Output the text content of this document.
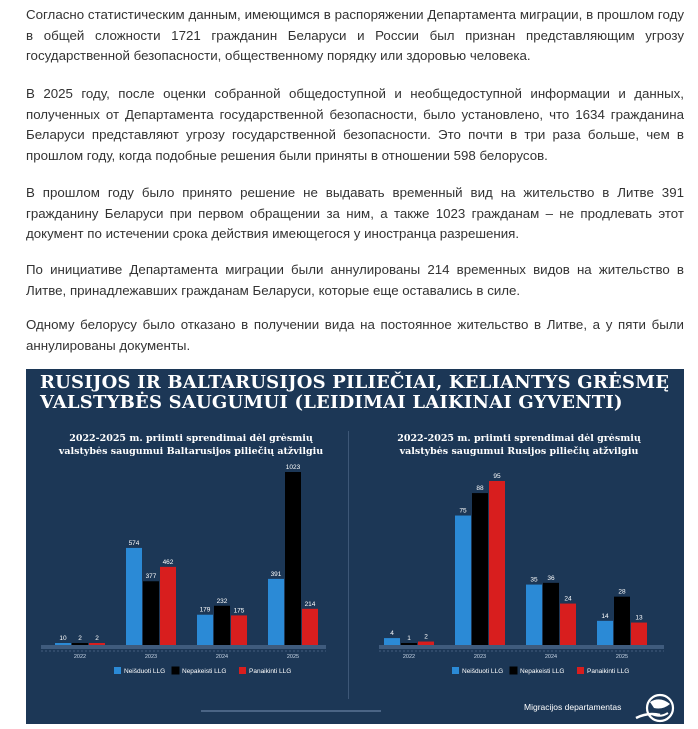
Согласно статистическим данным, имеющимся в распоряжении Департамента миграции, в прошлом году в общей сложности 1721 гражданин Беларуси и России был признан представляющим угрозу государственной безопасности, общественному порядку или здоровью человека.

В 2025 году, после оценки собранной общедоступной и необщедоступной информации и данных, полученных от Департамента государственной безопасности, было установлено, что 1634 гражданина Беларуси представляют угрозу государственной безопасности. Это почти в три раза больше, чем в прошлом году, когда подобные решения были приняты в отношении 598 белорусов.

В прошлом году было принято решение не выдавать временный вид на жительство в Литве 391 гражданину Беларуси при первом обращении за ним, а также 1023 гражданам – не продлевать этот документ по истечении срока действия имеющегося у иностранца разрешения.

По инициативе Департамента миграции были аннулированы 214 временных видов на жительство в Литве, принадлежавших гражданам Беларуси, которые еще оставались в силе.

Одному белорусу было отказано в получении вида на постоянное жительство в Литве, а у пяти были аннулированы документы.

RUSIJOS IR BALTARUSIJOS PILIEČIAI, KELIANTYS GRĖSMĘ
VALSTYBĖS SAUGUMUI (LEIDIMAI LAIKINAI GYVENTI)
2022-2025 m. priimti sprendimai dėl grėsmių
valstybės saugumui Baltarusijos piliečių atžvilgiu
2022-2025 m. priimti sprendimai dėl grėsmių
valstybės saugumui Rusijos piliečių atžvilgiu
10 2 2
2022
574
377
462
2023
179
232
175
2024
391
1023
214
2025
Neišduoti LLG	Nepakeisti LLG	Panaikinti LLG
4
1 2
2022
75
88
95
2023
35 36
24
2024
14
28
13
2025
Neišduoti LLG	Nepakeisti LLG	Panaikinti LLG
Migracijos departamentas
